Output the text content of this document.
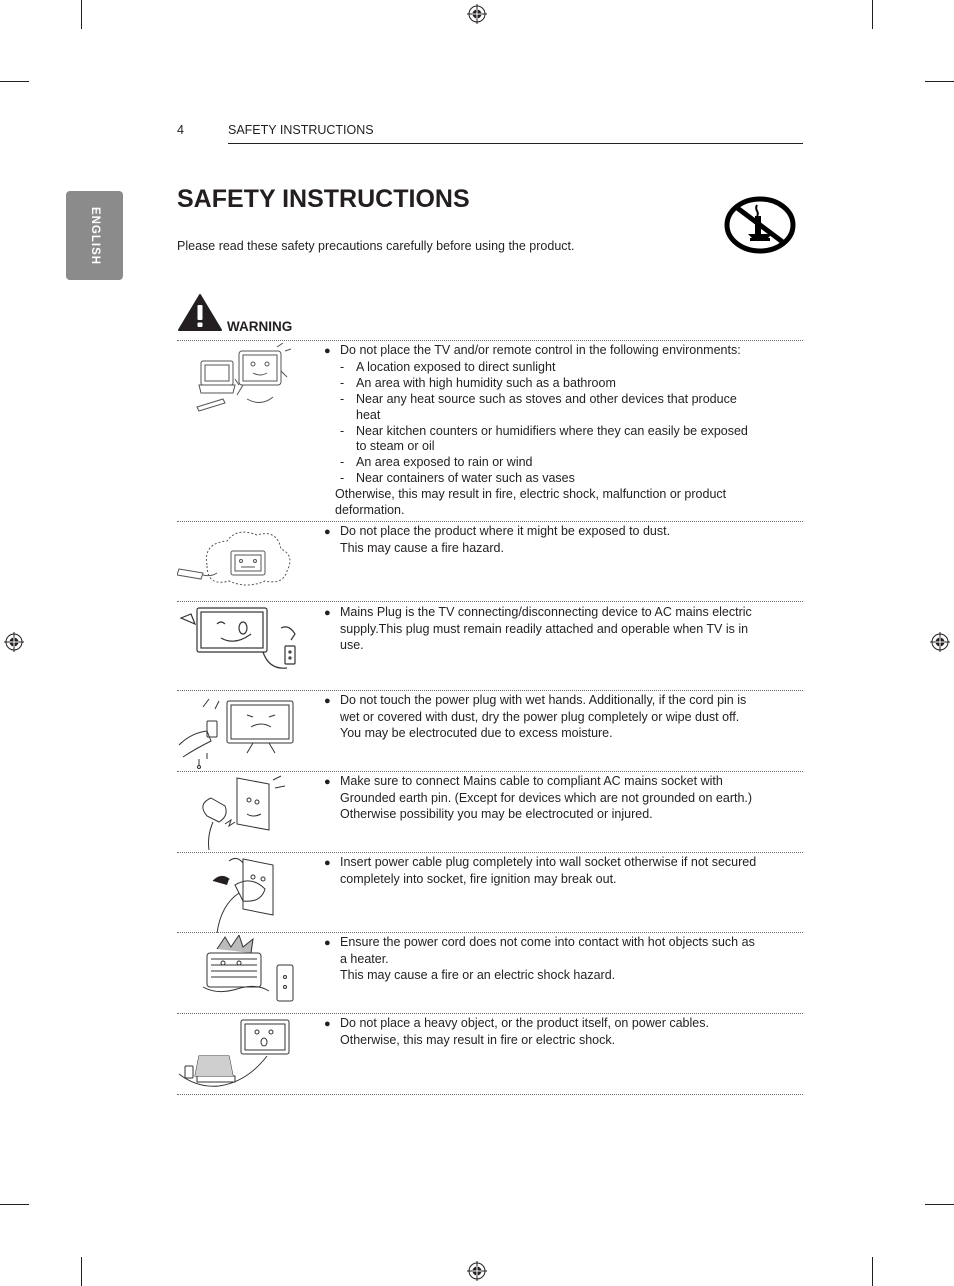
4	SAFETY INSTRUCTIONS
ENGLISH
SAFETY INSTRUCTIONS
Please read these safety precautions carefully before using the product.
WARNING
● Do not place the TV and/or remote control in the following environments:
- A location exposed to direct sunlight
- An area with high humidity such as a bathroom
- Near any heat source such as stoves and other devices that produce
heat
- Near kitchen counters or humidifiers where they can easily be exposed
to steam or oil
- An area exposed to rain or wind
- Near containers of water such as vases
Otherwise, this may result in fire, electric shock, malfunction or product
deformation.
● Do not place the product where it might be exposed to dust.
This may cause a fire hazard.
● Mains Plug is the TV connecting/disconnecting device to AC mains electric
supply.This plug must remain readily attached and operable when TV is in
use.
● Do not touch the power plug with wet hands. Additionally, if the cord pin is
wet or covered with dust, dry the power plug completely or wipe dust off.
You may be electrocuted due to excess moisture.
● Make sure to connect Mains cable to compliant AC mains socket with
Grounded earth pin. (Except for devices which are not grounded on earth.)
Otherwise possibility you may be electrocuted or injured.
● Insert power cable plug completely into wall socket otherwise if not secured
completely into socket, fire ignition may break out.
● Ensure the power cord does not come into contact with hot objects such as
a heater.
This may cause a fire or an electric shock hazard.
● Do not place a heavy object, or the product itself, on power cables.
Otherwise, this may result in fire or electric shock.
